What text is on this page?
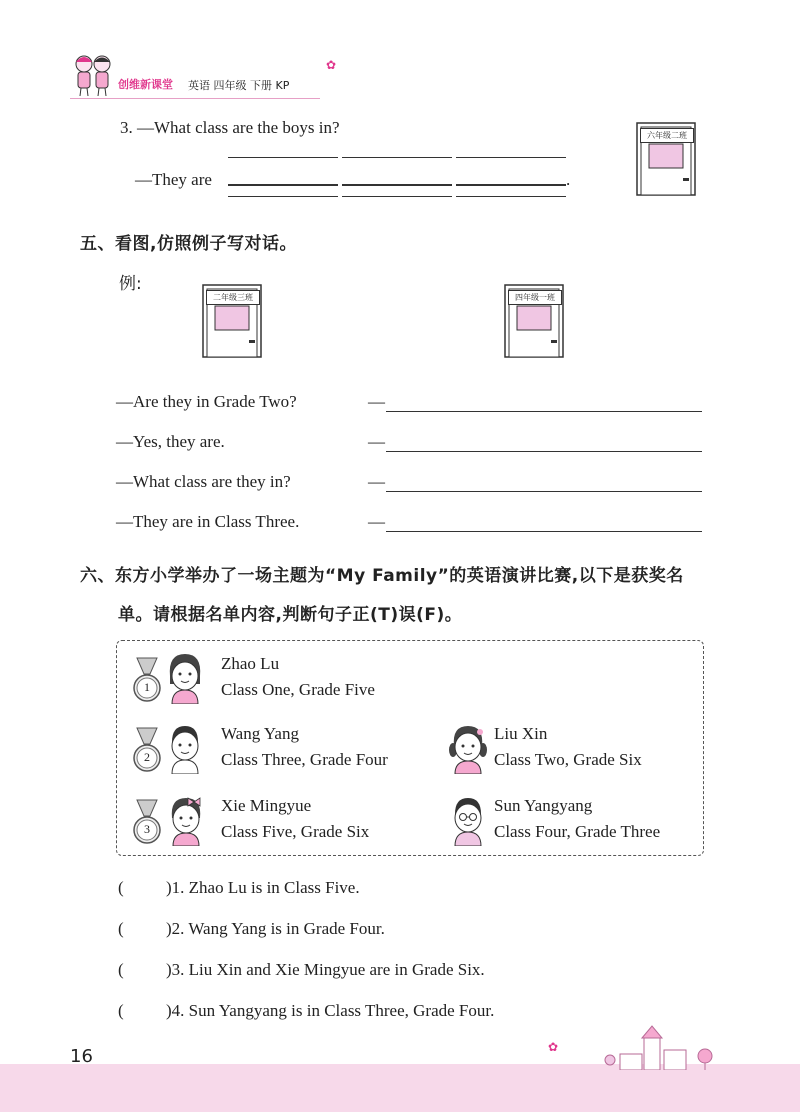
创维新课堂 英语 四年级 下册 KP
✿
3. —What class are the boys in?
—They are	.
六年级二班
五、看图,仿照例子写对话。
例:
二年级三班	四年级一班
—Are they in Grade Two?
—Yes, they are.
—What class are they in?
—They are in Class Three.
—
—
—
—
六、东方小学举办了一场主题为“My Family”的英语演讲比赛,以下是获奖名
单。请根据名单内容,判断句子正(T)误(F)。
1
Zhao Lu
Class One, Grade Five
2
Wang Yang
Class Three, Grade Four
Liu Xin
Class Two, Grade Six
3
Xie Mingyue
Class Five, Grade Six
Sun Yangyang
Class Four, Grade Three
( )1. Zhao Lu is in Class Five.
( )2. Wang Yang is in Grade Four.
( )3. Liu Xin and Xie Mingyue are in Grade Six.
( )4. Sun Yangyang is in Class Three, Grade Four.
✿
16
